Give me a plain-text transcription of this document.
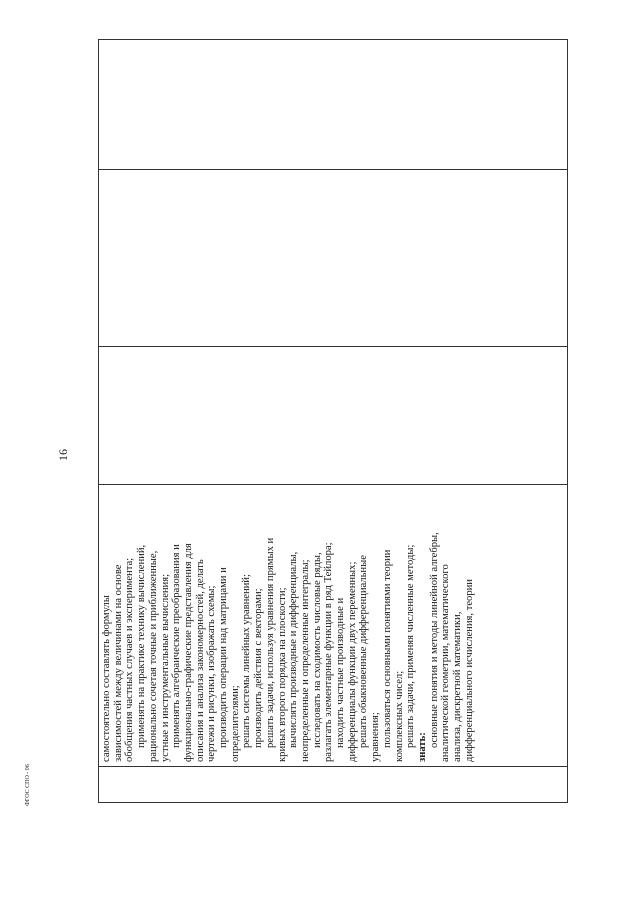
16

самостоятельно составлять формулы зависимостей между величинами на основе обобщения частных случаев и эксперимента; применять на практике технику вычислений, рационально сочетая точные и приближенные, устные и инструментальные вычисления; применять алгебраические преобразования и функционально-графические представления для описания и анализа закономерностей, делать чертежи и рисунки, изображать схемы; производить операции над матрицами и определителями; решать системы линейных уравнений; производить действия с векторами; решать задачи, используя уравнения прямых и кривых второго порядка на плоскости; вычислять производные и дифференциалы, неопределенные и определенные интегралы; исследовать на сходимость числовые ряды, разлагать элементарные функции в ряд Тейлора; находить частные производные и дифференциалы функции двух переменных; решать обыкновенные дифференциальные уравнения; пользоваться основными понятиями теории комплексных чисел; решать задачи, применяя численные методы; знать: основные понятия и методы линейной алгебры, аналитической геометрии, математического анализа, дискретной математики, дифференциального исчисления, теории

ФГОС СПО - 06
